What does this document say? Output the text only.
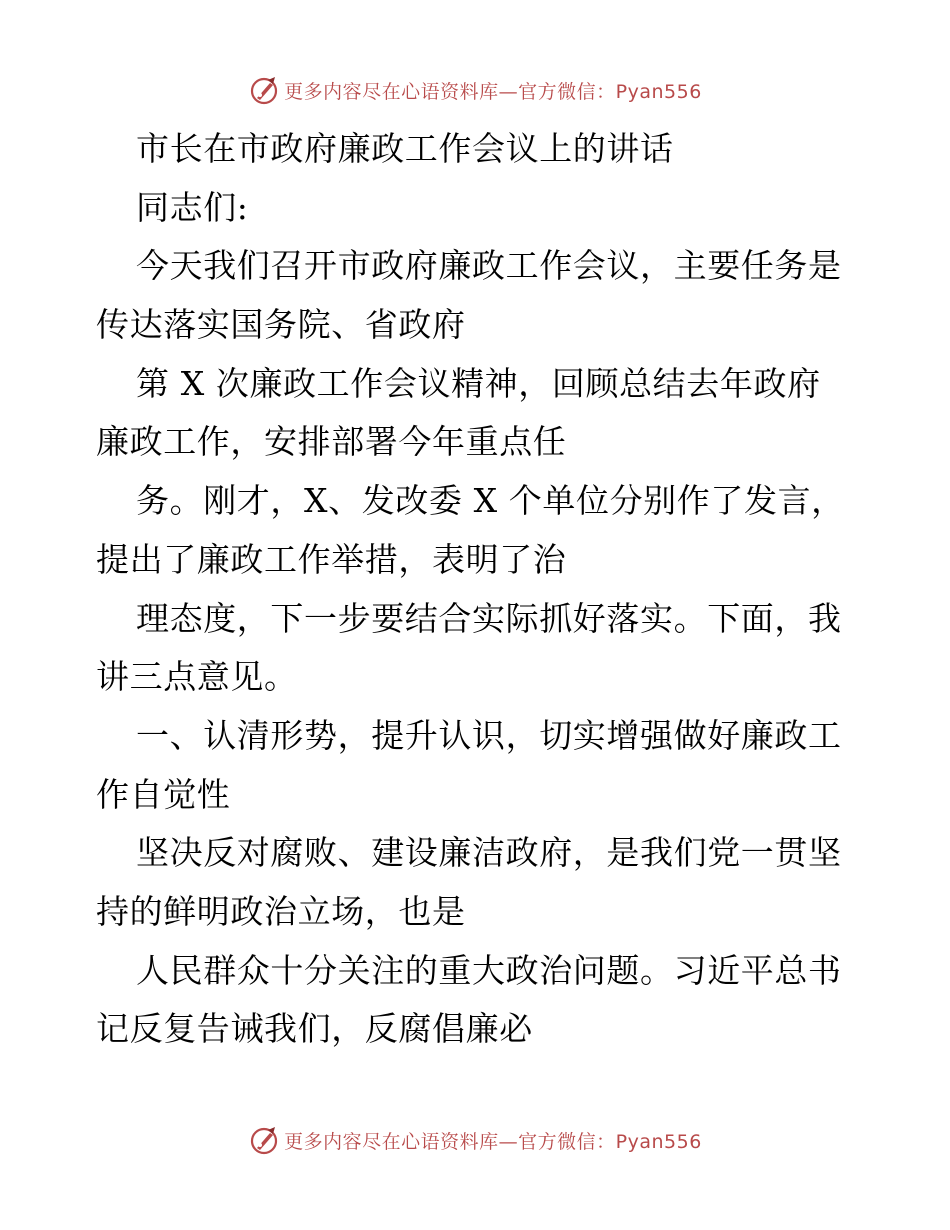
更多内容尽在心语资料库—官方微信：Pyan556
市长在市政府廉政工作会议上的讲话
同志们:
今天我们召开市政府廉政工作会议，主要任务是
传达落实国务院、省政府
第 X 次廉政工作会议精神，回顾总结去年政府
廉政工作，安排部署今年重点任
务。刚才，X、发改委 X 个单位分别作了发言，
提出了廉政工作举措，表明了治
理态度，下一步要结合实际抓好落实。下面，我
讲三点意见。
一、认清形势，提升认识，切实增强做好廉政工
作自觉性
坚决反对腐败、建设廉洁政府，是我们党一贯坚
持的鲜明政治立场，也是
人民群众十分关注的重大政治问题。习近平总书
记反复告诫我们，反腐倡廉必
更多内容尽在心语资料库—官方微信：Pyan556
